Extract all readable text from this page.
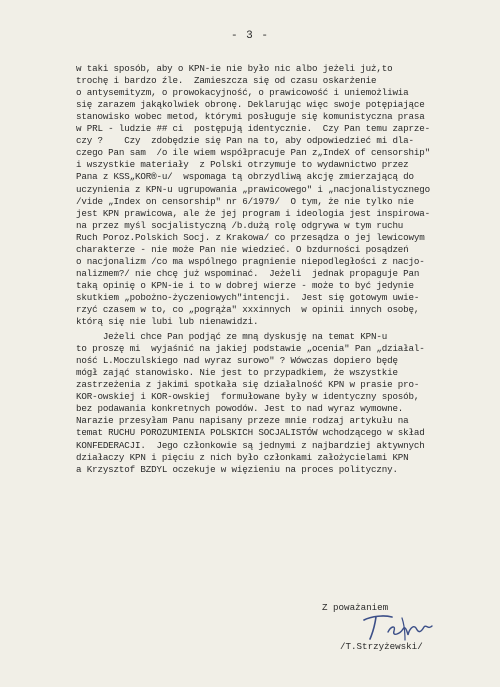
- 3 -
w taki sposób, aby o KPN-ie nie było nic albo jeżeli już,to
trochę i bardzo źle.  Zamieszcza się od czasu oskarżenie
o antysemityzm, o prowokacyjność, o prawicowość i uniemożliwia
się zarazem jakąkolwiek obronę. Deklarując więc swoje potępiające
stanowisko wobec metod, którymi posługuje się komunistyczna prasa
w PRL - ludzie ## ci  postępują identycznie.  Czy Pan temu zaprze-
czy ?    Czy  zdobędzie się Pan na to, aby odpowiedzieć mi dla-
czego Pan sam  /o ile wiem współpracuje Pan z„IndeX of censorship"
i wszystkie materiały  z Polski otrzymuje to wydawnictwo przez
Pana z KSS„KOR®-u/  wspomaga tą obrzydliwą akcję zmierzającą do
uczynienia z KPN-u ugrupowania „prawicowego" i „nacjonalistycznego
/vide „Index on censorship" nr 6/1979/  O tym, że nie tylko nie
jest KPN prawicowa, ale że jej program i ideologia jest inspirowa-
na przez myśl socjalistyczną /b.dużą rolę odgrywa w tym ruchu
Ruch Poroz.Polskich Socj. z Krakowa/ co przesądza o jej lewicowym
charakterze - nie może Pan nie wiedzieć. O bzdurności posądzeń
o nacjonalizm /co ma wspólnego pragnienie niepodległości z nacjo-
nalizmem?/ nie chcę już wspominać.  Jeżeli  jednak propaguje Pan
taką opinię o KPN-ie i to w dobrej wierze - może to być jedynie
skutkiem „pobożno-życzeniowych"intencji.  Jest się gotowym uwie-
rzyć czasem w to, co „pogrąża" xxxinnych  w opinii innych osobę,
którą się nie lubi lub nienawidzi.
Jeżeli chce Pan podjąć ze mną dyskusję na temat KPN-u
to proszę mi  wyjaśnić na jakiej podstawie „ocenia" Pan „działal-
ność L.Moczulskiego nad wyraz surowo" ? Wówczas dopiero będę
mógł zająć stanowisko. Nie jest to przypadkiem, że wszystkie
zastrzeżenia z jakimi spotkała się działalność KPN w prasie pro-
KOR-owskiej i KOR-owskiej  formułowane były w identyczny sposób,
bez podawania konkretnych powodów. Jest to nad wyraz wymowne.
Narazie przesyłam Panu napisany przeze mnie rodzaj artykułu na
temat RUCHU POROZUMIENIA POLSKICH SOCJALISTÓW wchodzącego w skład
KONFEDERACJI.  Jego członkowie są jednymi z najbardziej aktywnych
działaczy KPN i pięciu z nich było członkami założycielami KPN
a Krzysztof BZDYL oczekuje w więzieniu na proces polityczny.
Z poważaniem
/T.Strzyżewski/
